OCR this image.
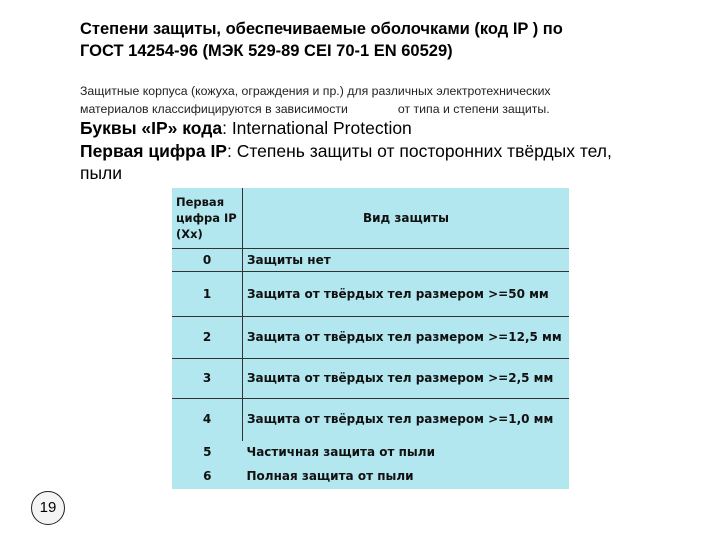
Степени защиты, обеспечиваемые оболочками (код IP ) по
ГОСТ 14254-96 (МЭК 529-89 CEI 70-1 EN 60529)
Защитные корпуса (кожуха, ограждения и пр.) для различных электротехнических
материалов классифицируются в зависимости	от типа и степени защиты.
Буквы «IP» кода: International Protection
Первая цифра IP: Степень защиты от посторонних твёрдых тел,
пыли
Первая цифра IP (Xx)	Вид защиты
0	Защиты нет
1	Защита от твёрдых тел размером >=50 мм
2	Защита от твёрдых тел размером >=12,5 мм
3	Защита от твёрдых тел размером >=2,5 мм
4	Защита от твёрдых тел размером >=1,0 мм
5	Частичная защита от пыли
6	Полная защита от пыли
19
